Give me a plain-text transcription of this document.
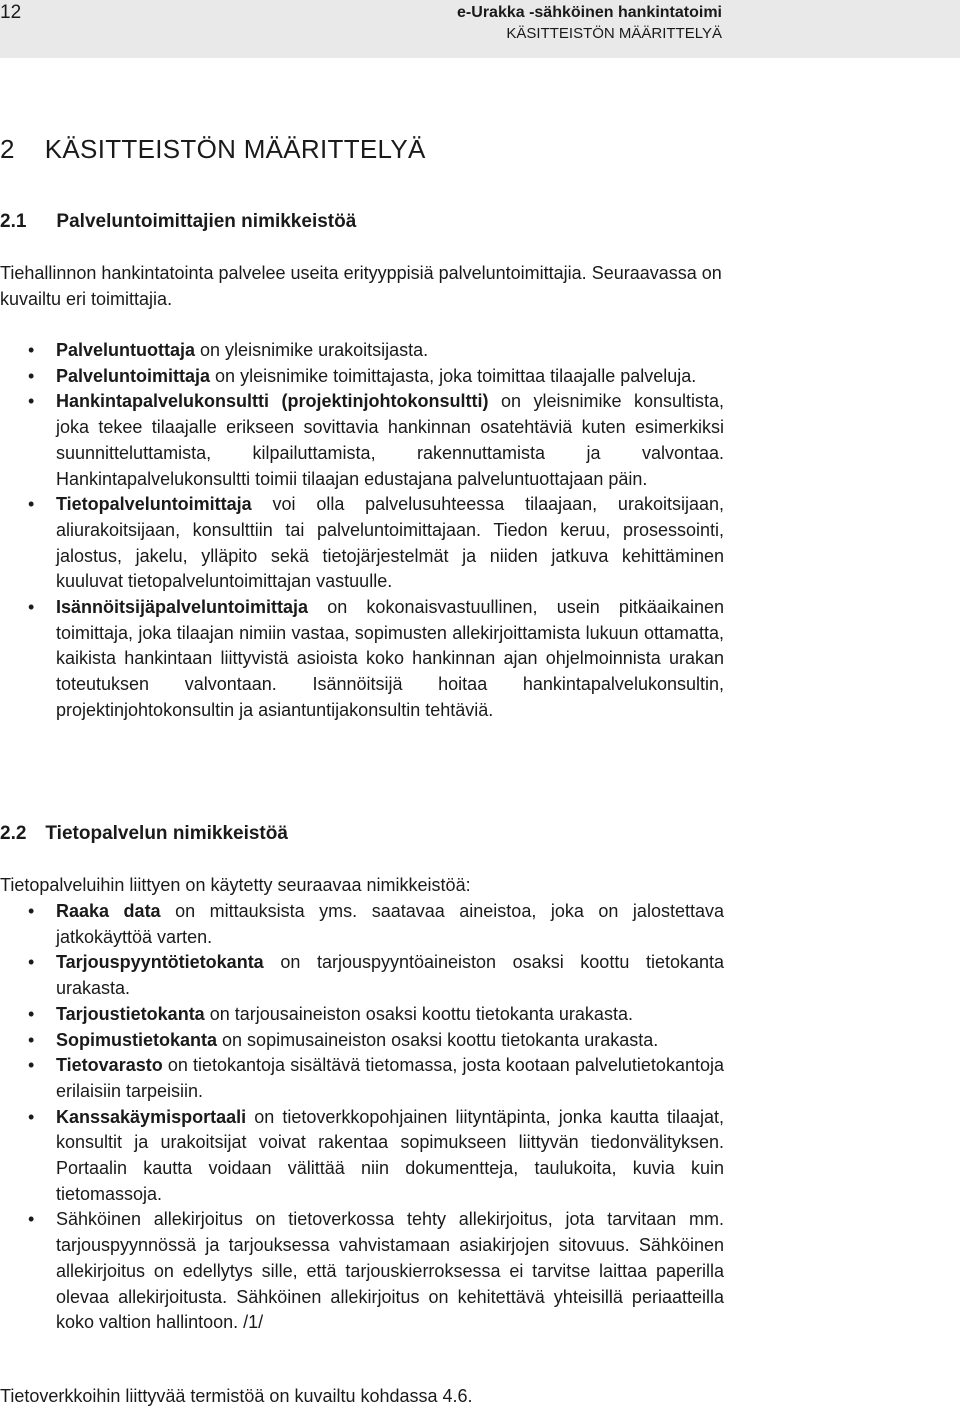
12	e-Urakka -sähköinen hankintatoimi
KÄSITTEISTÖN MÄÄRITTELYÄ
2 KÄSITTEISTÖN MÄÄRITTELYÄ
2.1 Palveluntoimittajien nimikkeistöä
Tiehallinnon hankintatointa palvelee useita erityyppisiä palveluntoimittajia. Seuraavassa on kuvailtu eri toimittajia.
• Palveluntuottaja on yleisnimike urakoitsijasta.
• Palveluntoimittaja on yleisnimike toimittajasta, joka toimittaa tilaajalle palveluja.
• Hankintapalvelukonsultti (projektinjohtokonsultti) on yleisnimike konsultista, joka tekee tilaajalle erikseen sovittavia hankinnan osatehtäviä kuten esimerkiksi suunnitteluttamista, kilpailuttamista, rakennuttamista ja valvontaa. Hankintapalvelukonsultti toimii tilaajan edustajana palveluntuottajaan päin.
• Tietopalveluntoimittaja voi olla palvelusuhteessa tilaajaan, urakoitsijaan, aliurakoitsijaan, konsulttiin tai palveluntoimittajaan. Tiedon keruu, prosessointi, jalostus, jakelu, ylläpito sekä tietojärjestelmät ja niiden jatkuva kehittäminen kuuluvat tietopalveluntoimittajan vastuulle.
• Isännöitsijäpalveluntoimittaja on kokonaisvastuullinen, usein pitkäaikainen toimittaja, joka tilaajan nimiin vastaa, sopimusten allekirjoittamista lukuun ottamatta, kaikista hankintaan liittyvistä asioista koko hankinnan ajan ohjelmoinnista urakan toteutuksen valvontaan. Isännöitsijä hoitaa hankintapalvelukonsultin, projektinjohtokonsultin ja asiantuntijakonsultin tehtäviä.
2.2 Tietopalvelun nimikkeistöä
Tietopalveluihin liittyen on käytetty seuraavaa nimikkeistöä:
• Raaka data on mittauksista yms. saatavaa aineistoa, joka on jalostettava jatkokäyttöä varten.
• Tarjouspyyntötietokanta on tarjouspyyntöaineiston osaksi koottu tietokanta urakasta.
• Tarjoustietokanta on tarjousaineiston osaksi koottu tietokanta urakasta.
• Sopimustietokanta on sopimusaineiston osaksi koottu tietokanta urakasta.
• Tietovarasto on tietokantoja sisältävä tietomassa, josta kootaan palvelutietokantoja erilaisiin tarpeisiin.
• Kanssakäymisportaali on tietoverkkopohjainen liityntäpinta, jonka kautta tilaajat, konsultit ja urakoitsijat voivat rakentaa sopimukseen liittyvän tiedonvälityksen. Portaalin kautta voidaan välittää niin dokumentteja, taulukoita, kuvia kuin tietomassoja.
• Sähköinen allekirjoitus on tietoverkossa tehty allekirjoitus, jota tarvitaan mm. tarjouspyynnössä ja tarjouksessa vahvistamaan asiakirjojen sitovuus. Sähköinen allekirjoitus on edellytys sille, että tarjouskierroksessa ei tarvitse laittaa paperilla olevaa allekirjoitusta. Sähköinen allekirjoitus on kehitettävä yhteisillä periaatteilla koko valtion hallintoon. /1/
Tietoverkkoihin liittyvää termistöä on kuvailtu kohdassa 4.6.
